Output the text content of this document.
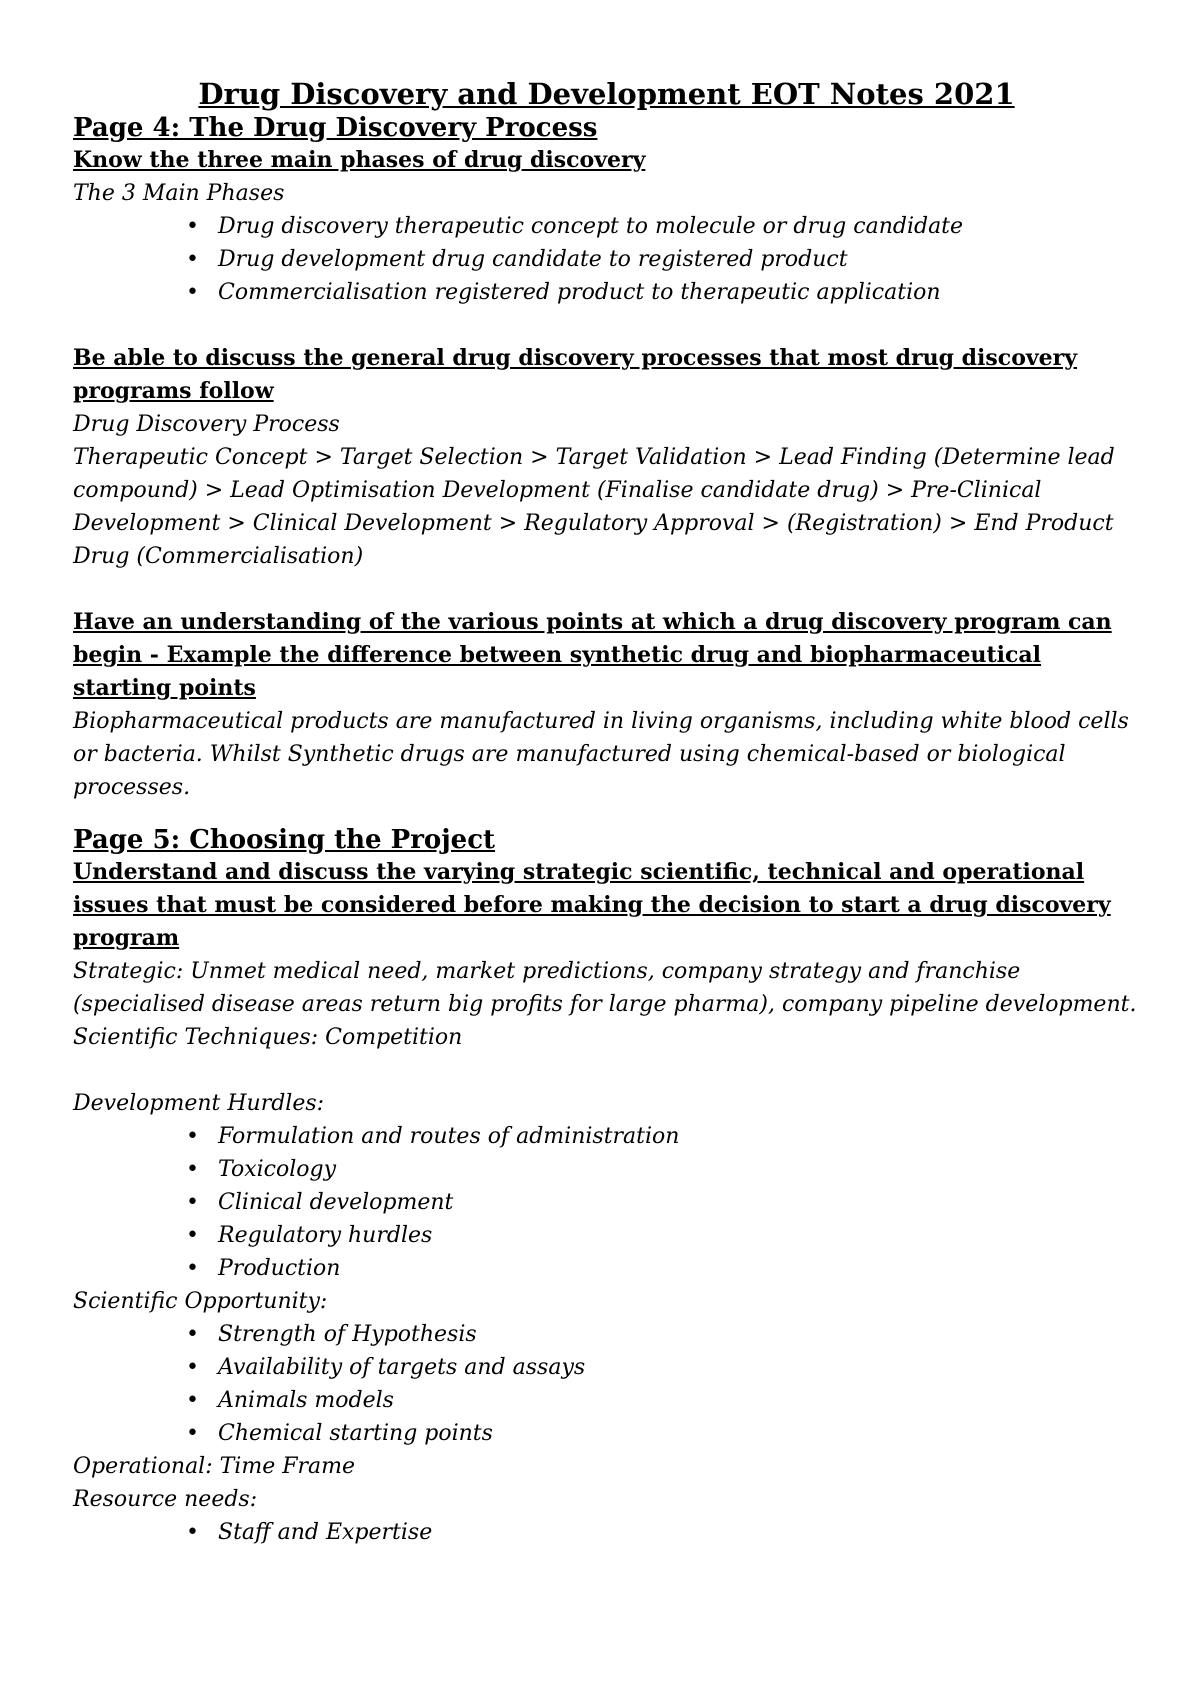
Drug Discovery and Development EOT Notes 2021
Page 4: The Drug Discovery Process
Know the three main phases of drug discovery
The 3 Main Phases
• Drug discovery therapeutic concept to molecule or drug candidate
• Drug development drug candidate to registered product
• Commercialisation registered product to therapeutic application
Be able to discuss the general drug discovery processes that most drug discovery programs follow
Drug Discovery Process
Therapeutic Concept > Target Selection > Target Validation > Lead Finding (Determine lead compound) > Lead Optimisation Development (Finalise candidate drug) > Pre-Clinical Development > Clinical Development > Regulatory Approval > (Registration) > End Product Drug (Commercialisation)
Have an understanding of the various points at which a drug discovery program can begin - Example the difference between synthetic drug and biopharmaceutical starting points
Biopharmaceutical products are manufactured in living organisms, including white blood cells or bacteria. Whilst Synthetic drugs are manufactured using chemical-based or biological processes.
Page 5: Choosing the Project
Understand and discuss the varying strategic scientific, technical and operational issues that must be considered before making the decision to start a drug discovery program
Strategic: Unmet medical need, market predictions, company strategy and franchise (specialised disease areas return big profits for large pharma), company pipeline development.
Scientific Techniques: Competition
Development Hurdles:
• Formulation and routes of administration
• Toxicology
• Clinical development
• Regulatory hurdles
• Production
Scientific Opportunity:
• Strength of Hypothesis
• Availability of targets and assays
• Animals models
• Chemical starting points
Operational: Time Frame
Resource needs:
• Staff and Expertise
